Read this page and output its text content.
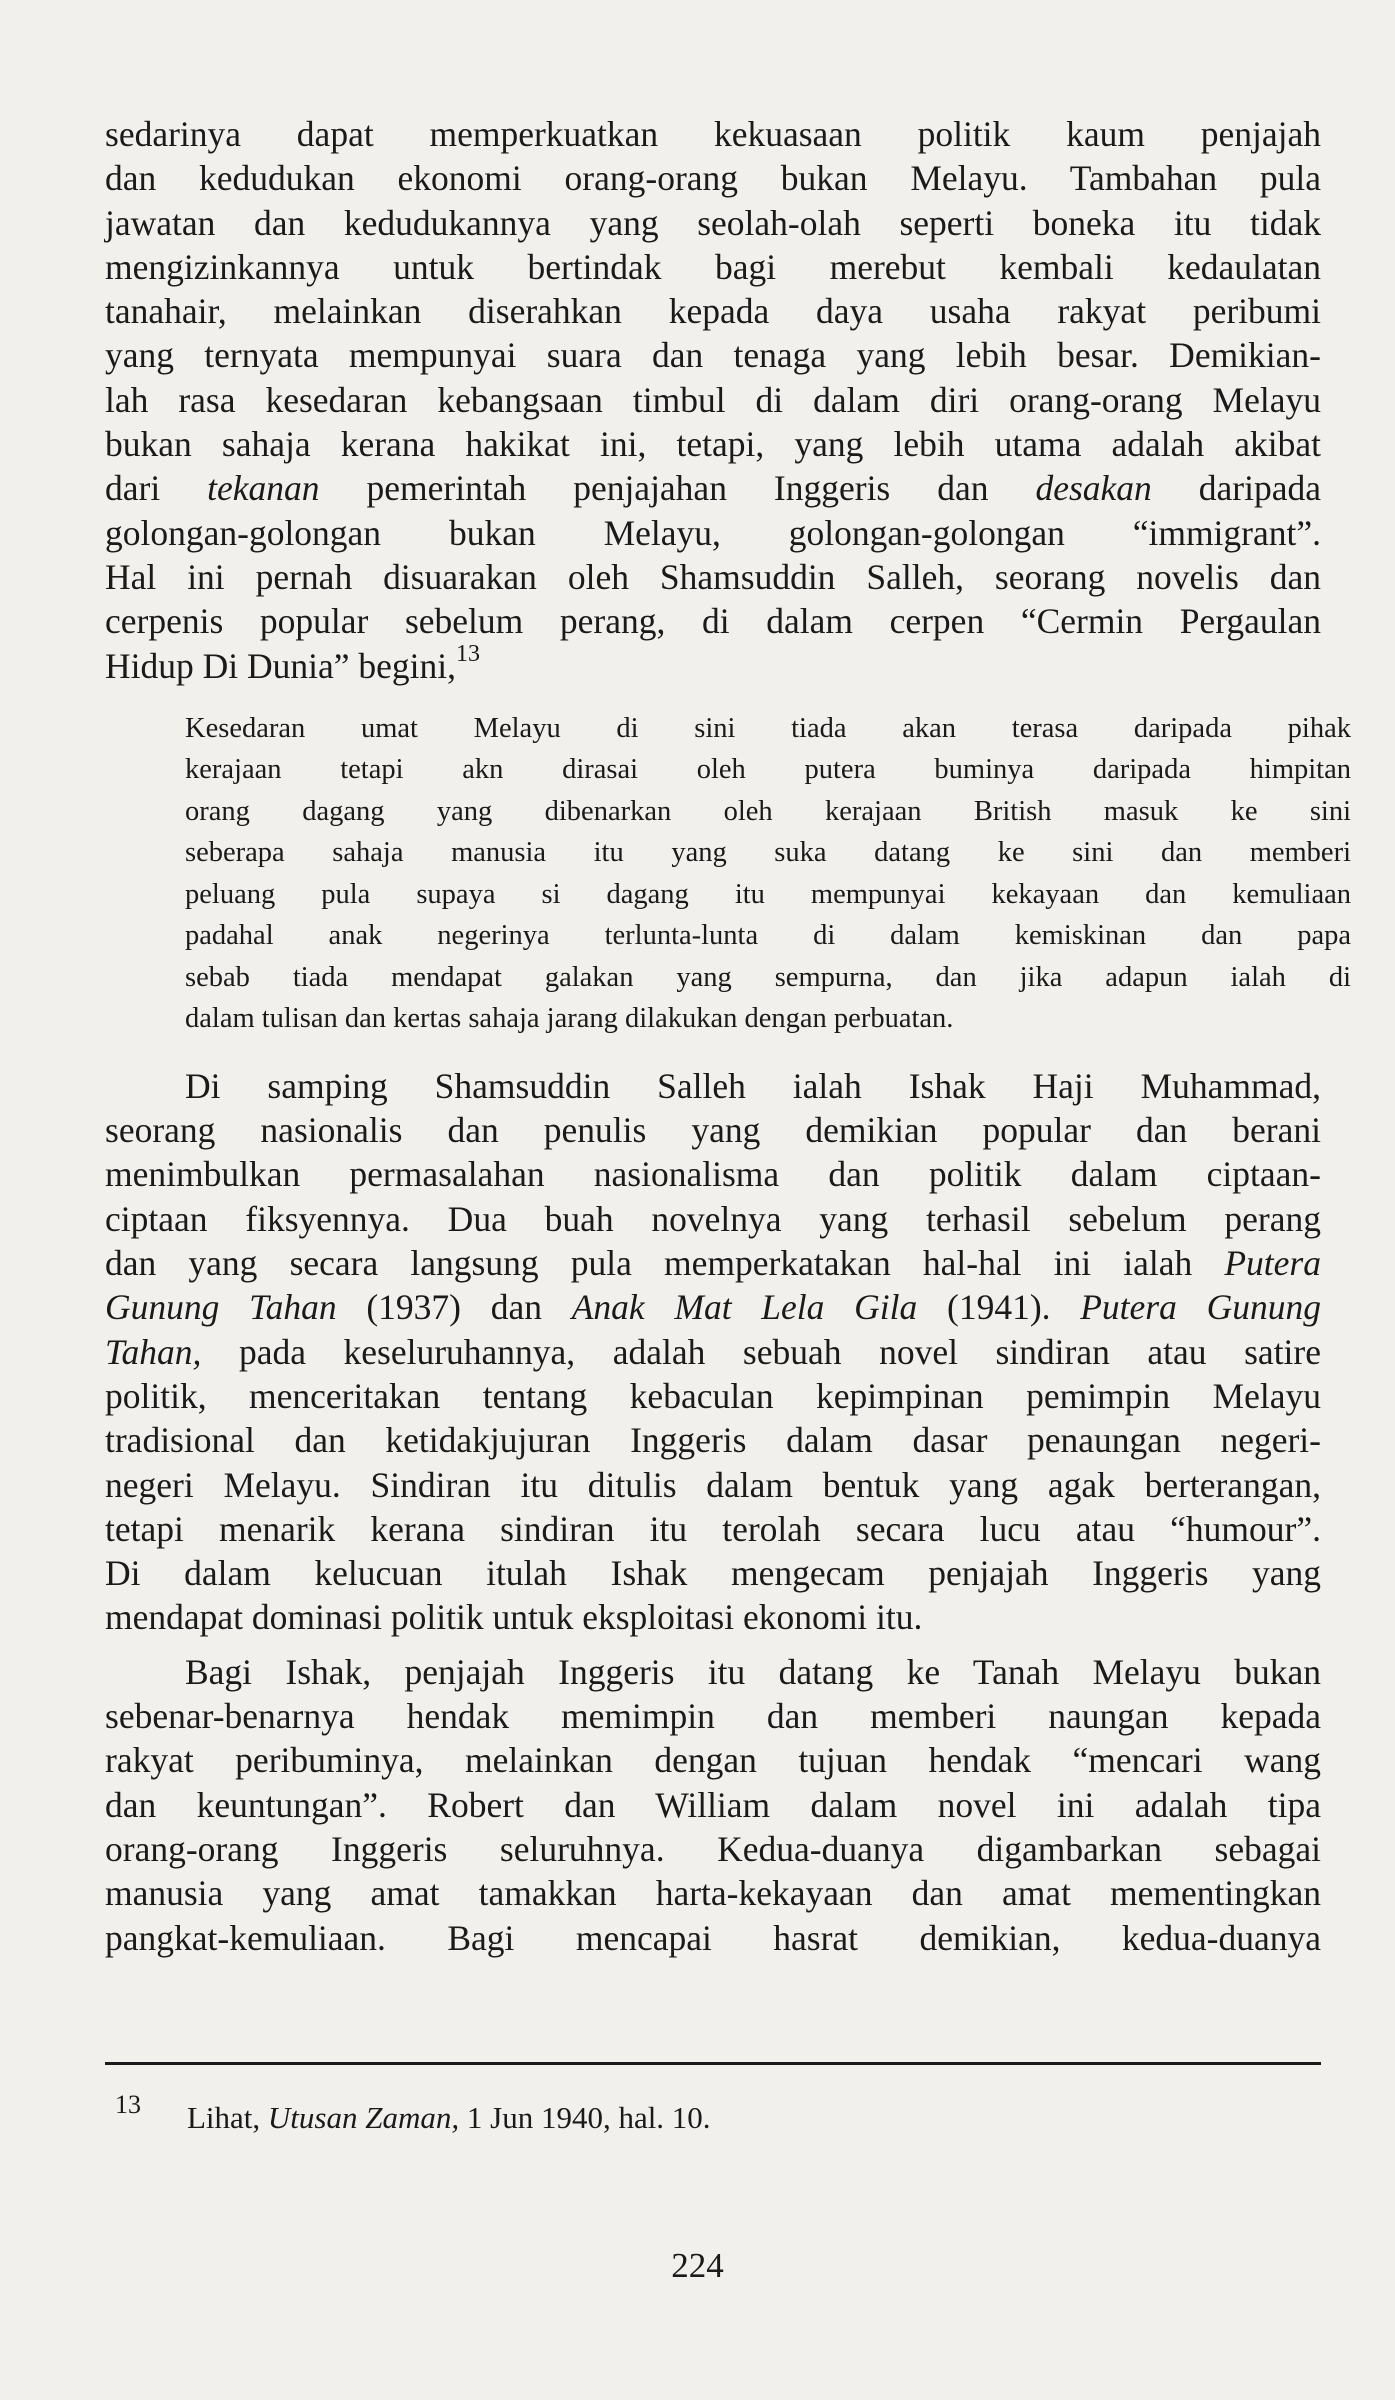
sedarinya dapat memperkuatkan kekuasaan politik kaum penjajah
dan kedudukan ekonomi orang-orang bukan Melayu. Tambahan pula
jawatan dan kedudukannya yang seolah-olah seperti boneka itu tidak
mengizinkannya untuk bertindak bagi merebut kembali kedaulatan
tanahair, melainkan diserahkan kepada daya usaha rakyat peribumi
yang ternyata mempunyai suara dan tenaga yang lebih besar. Demikian-
lah rasa kesedaran kebangsaan timbul di dalam diri orang-orang Melayu
bukan sahaja kerana hakikat ini, tetapi, yang lebih utama adalah akibat
dari tekanan pemerintah penjajahan Inggeris dan desakan daripada
golongan-golongan bukan Melayu, golongan-golongan “immigrant”.
Hal ini pernah disuarakan oleh Shamsuddin Salleh, seorang novelis dan
cerpenis popular sebelum perang, di dalam cerpen “Cermin Pergaulan
Hidup Di Dunia” begini,$^{13}$

Kesedaran umat Melayu di sini tiada akan terasa daripada pihak
kerajaan tetapi akn dirasai oleh putera buminya daripada himpitan
orang dagang yang dibenarkan oleh kerajaan British masuk ke sini
seberapa sahaja manusia itu yang suka datang ke sini dan memberi
peluang pula supaya si dagang itu mempunyai kekayaan dan kemuliaan
padahal anak negerinya terlunta-lunta di dalam kemiskinan dan papa
sebab tiada mendapat galakan yang sempurna, dan jika adapun ialah di
dalam tulisan dan kertas sahaja jarang dilakukan dengan perbuatan.

Di samping Shamsuddin Salleh ialah Ishak Haji Muhammad,
seorang nasionalis dan penulis yang demikian popular dan berani
menimbulkan permasalahan nasionalisma dan politik dalam ciptaan-
ciptaan fiksyennya. Dua buah novelnya yang terhasil sebelum perang
dan yang secara langsung pula memperkatakan hal-hal ini ialah Putera
Gunung Tahan (1937) dan Anak Mat Lela Gila (1941). Putera Gunung
Tahan, pada keseluruhannya, adalah sebuah novel sindiran atau satire
politik, menceritakan tentang kebaculan kepimpinan pemimpin Melayu
tradisional dan ketidakjujuran Inggeris dalam dasar penaungan negeri-
negeri Melayu. Sindiran itu ditulis dalam bentuk yang agak berterangan,
tetapi menarik kerana sindiran itu terolah secara lucu atau “humour”.
Di dalam kelucuan itulah Ishak mengecam penjajah Inggeris yang
mendapat dominasi politik untuk eksploitasi ekonomi itu.

Bagi Ishak, penjajah Inggeris itu datang ke Tanah Melayu bukan
sebenar-benarnya hendak memimpin dan memberi naungan kepada
rakyat peribuminya, melainkan dengan tujuan hendak “mencari wang
dan keuntungan”. Robert dan William dalam novel ini adalah tipa
orang-orang Inggeris seluruhnya. Kedua-duanya digambarkan sebagai
manusia yang amat tamakkan harta-kekayaan dan amat mementingkan
pangkat-kemuliaan. Bagi mencapai hasrat demikian, kedua-duanya

13 Lihat, Utusan Zaman, 1 Jun 1940, hal. 10.
224
